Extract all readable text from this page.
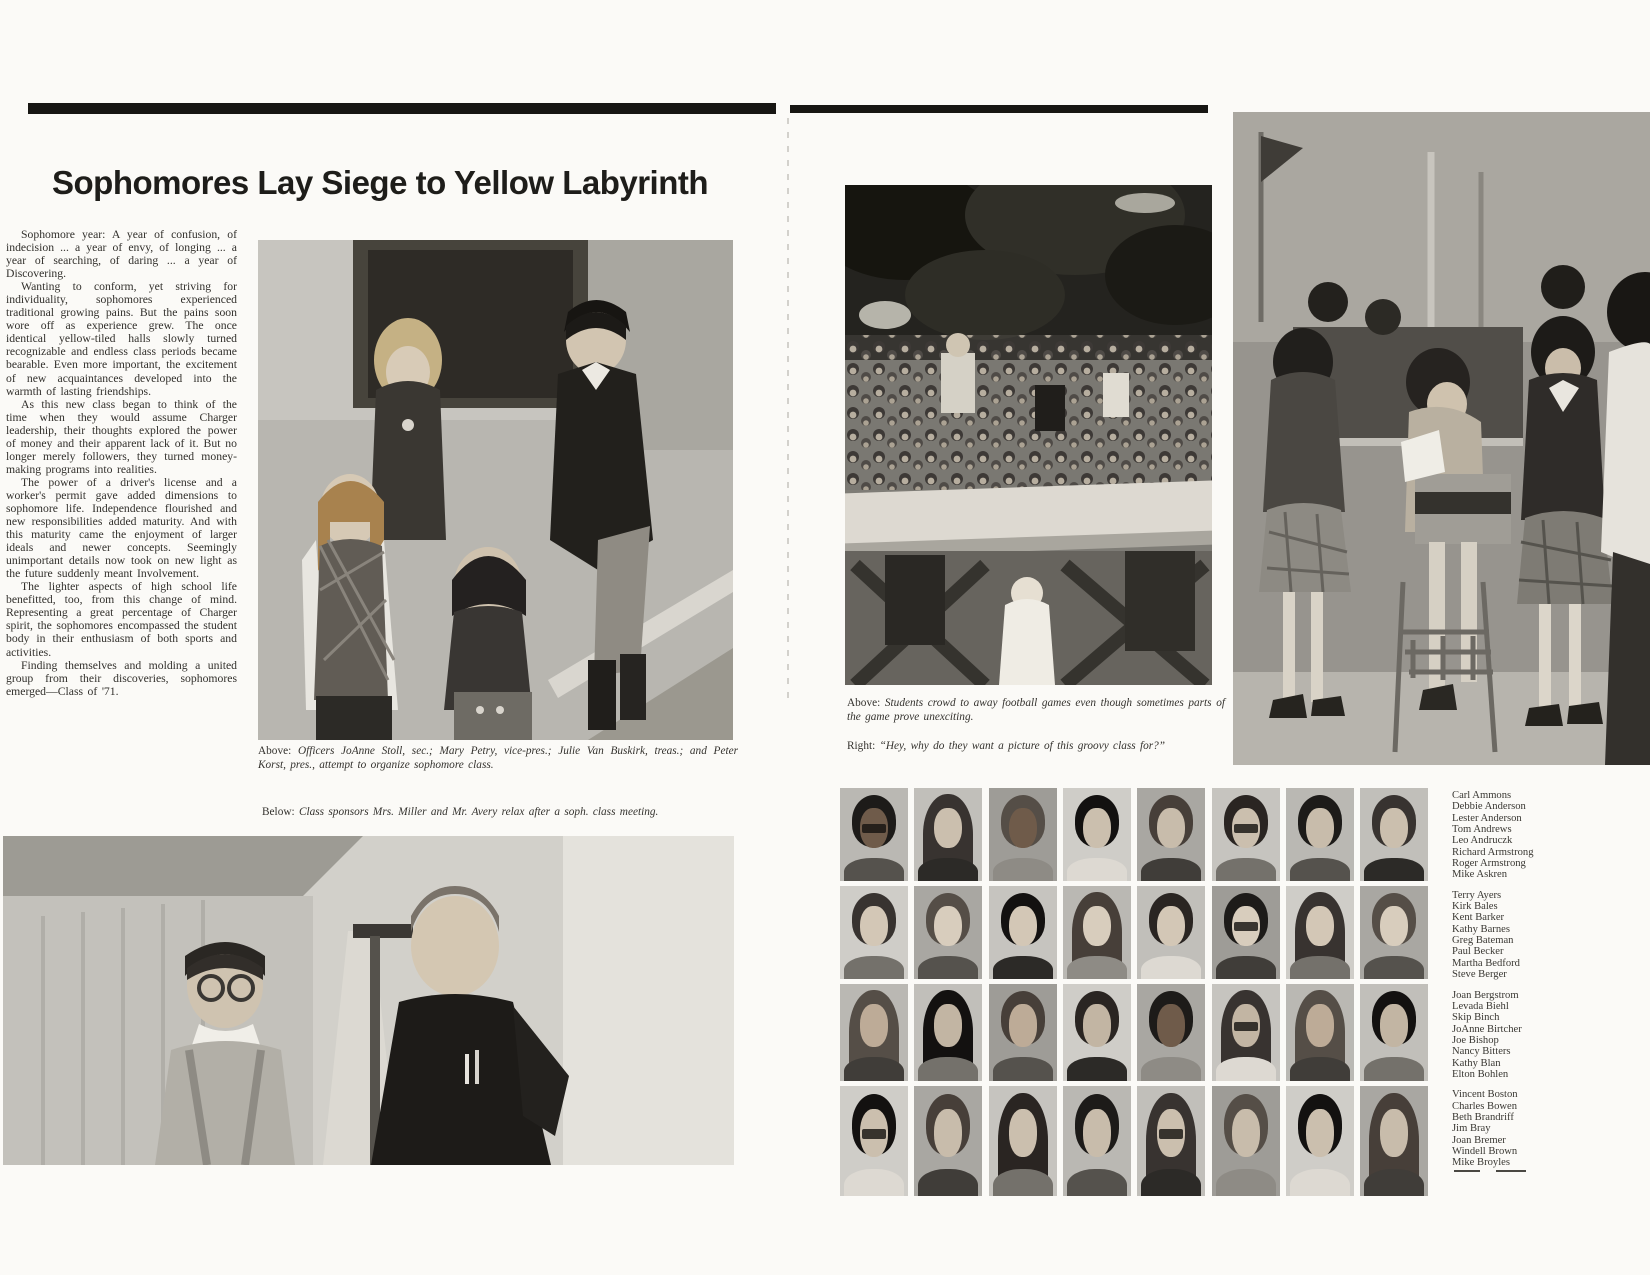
Sophomores Lay Siege to Yellow Labyrinth

Sophomore year: A year of confusion, of indecision ... a year of envy, of longing ... a year of searching, of daring ... a year of Discovering.

Wanting to conform, yet striving for individuality, sophomores experienced traditional growing pains. But the pains soon wore off as experience grew. The once identical yellow-tiled halls slowly turned recognizable and endless class periods became bearable. Even more important, the excitement of new acquaintances developed into the warmth of lasting friendships.

As this new class began to think of the time when they would assume Charger leadership, their thoughts explored the power of money and their apparent lack of it. But no longer merely followers, they turned money-making programs into realities.

The power of a driver's license and a worker's permit gave added dimensions to sophomore life. Independence flourished and new responsibilities added maturity. And with this maturity came the enjoyment of larger ideals and newer concepts. Seemingly unimportant details now took on new light as the future suddenly meant Involvement.

The lighter aspects of high school life benefitted, too, from this change of mind. Representing a great percentage of Charger spirit, the sophomores encompassed the student body in their enthusiasm of both sports and activities.

Finding themselves and molding a united group from their discoveries, sophomores emerged—Class of '71.

Above: Officers JoAnne Stoll, sec.; Mary Petry, vice-pres.; Julie Van Buskirk, treas.; and Peter Korst, pres., attempt to organize sophomore class.
Below: Class sponsors Mrs. Miller and Mr. Avery relax after a soph. class meeting.
Above: Students crowd to away football games even though sometimes parts of the game prove unexciting.
Right: “Hey, why do they want a picture of this groovy class for?”
Carl Ammons
Debbie Anderson
Lester Anderson
Tom Andrews
Leo Andruczk
Richard Armstrong
Roger Armstrong
Mike Askren
Terry Ayers
Kirk Bales
Kent Barker
Kathy Barnes
Greg Bateman
Paul Becker
Martha Bedford
Steve Berger
Joan Bergstrom
Levada Biehl
Skip Binch
JoAnne Birtcher
Joe Bishop
Nancy Bitters
Kathy Blan
Elton Bohlen
Vincent Boston
Charles Bowen
Beth Brandriff
Jim Bray
Joan Bremer
Windell Brown
Mike Broyles
